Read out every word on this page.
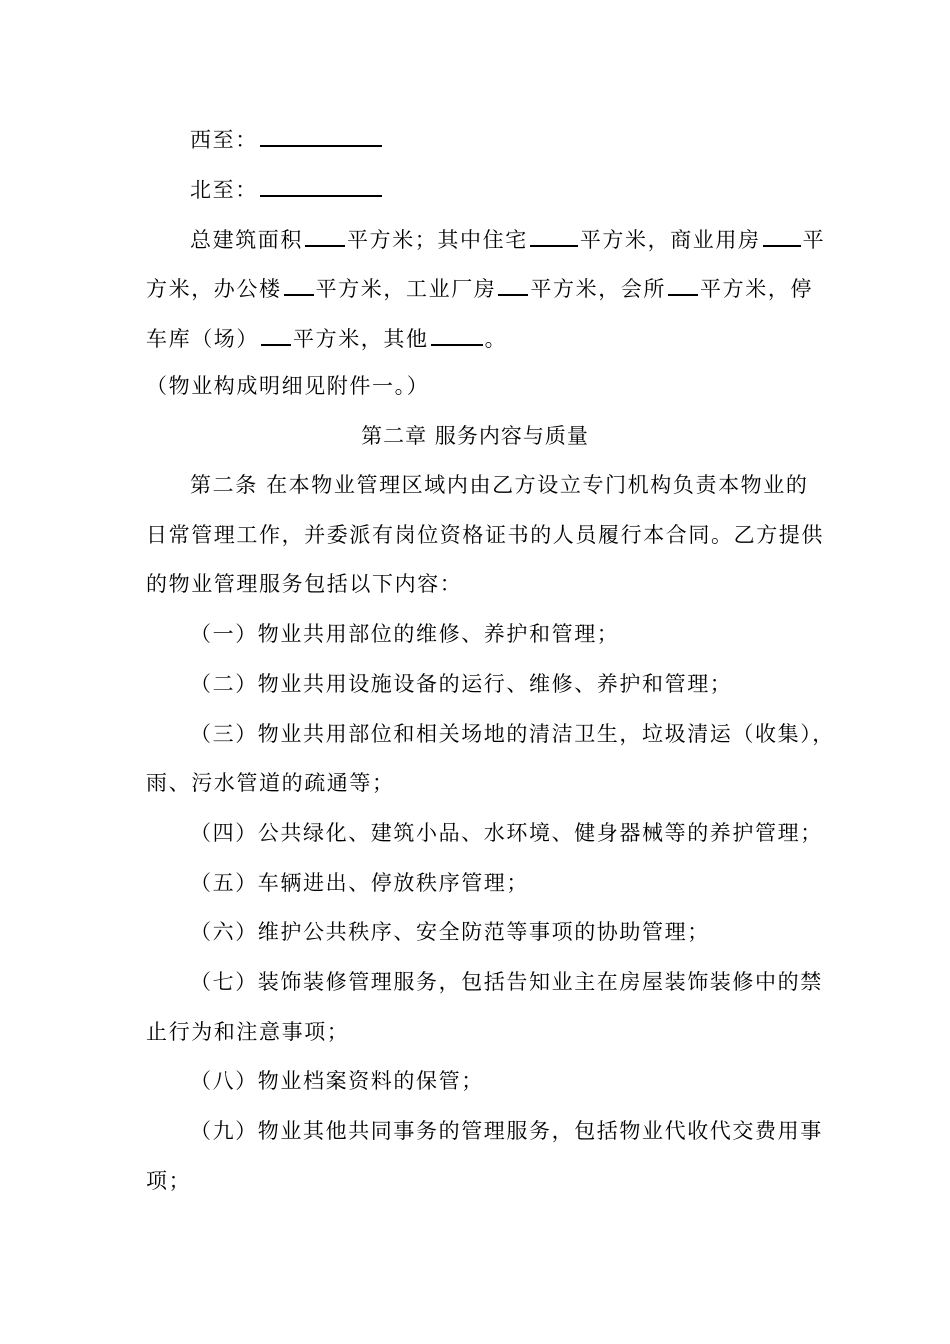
西至：
北至：
总建筑面积 平方米；其中住宅 平方米，商业用房 平
方米，办公楼 平方米，工业厂房 平方米，会所 平方米，停
车库（场） 平方米，其他	。
（物业构成明细见附件一。）
第二章 服务内容与质量
第二条 在本物业管理区域内由乙方设立专门机构负责本物业的
日常管理工作，并委派有岗位资格证书的人员履行本合同。乙方提供
的物业管理服务包括以下内容：
（一）物业共用部位的维修、养护和管理；
（二）物业共用设施设备的运行、维修、养护和管理；
（三）物业共用部位和相关场地的清洁卫生，垃圾清运（收集），
雨、污水管道的疏通等；
（四）公共绿化、建筑小品、水环境、健身器械等的养护管理；
（五）车辆进出、停放秩序管理；
（六）维护公共秩序、安全防范等事项的协助管理；
（七）装饰装修管理服务，包括告知业主在房屋装饰装修中的禁
止行为和注意事项；
（八）物业档案资料的保管；
（九）物业其他共同事务的管理服务，包括物业代收代交费用事
项；
